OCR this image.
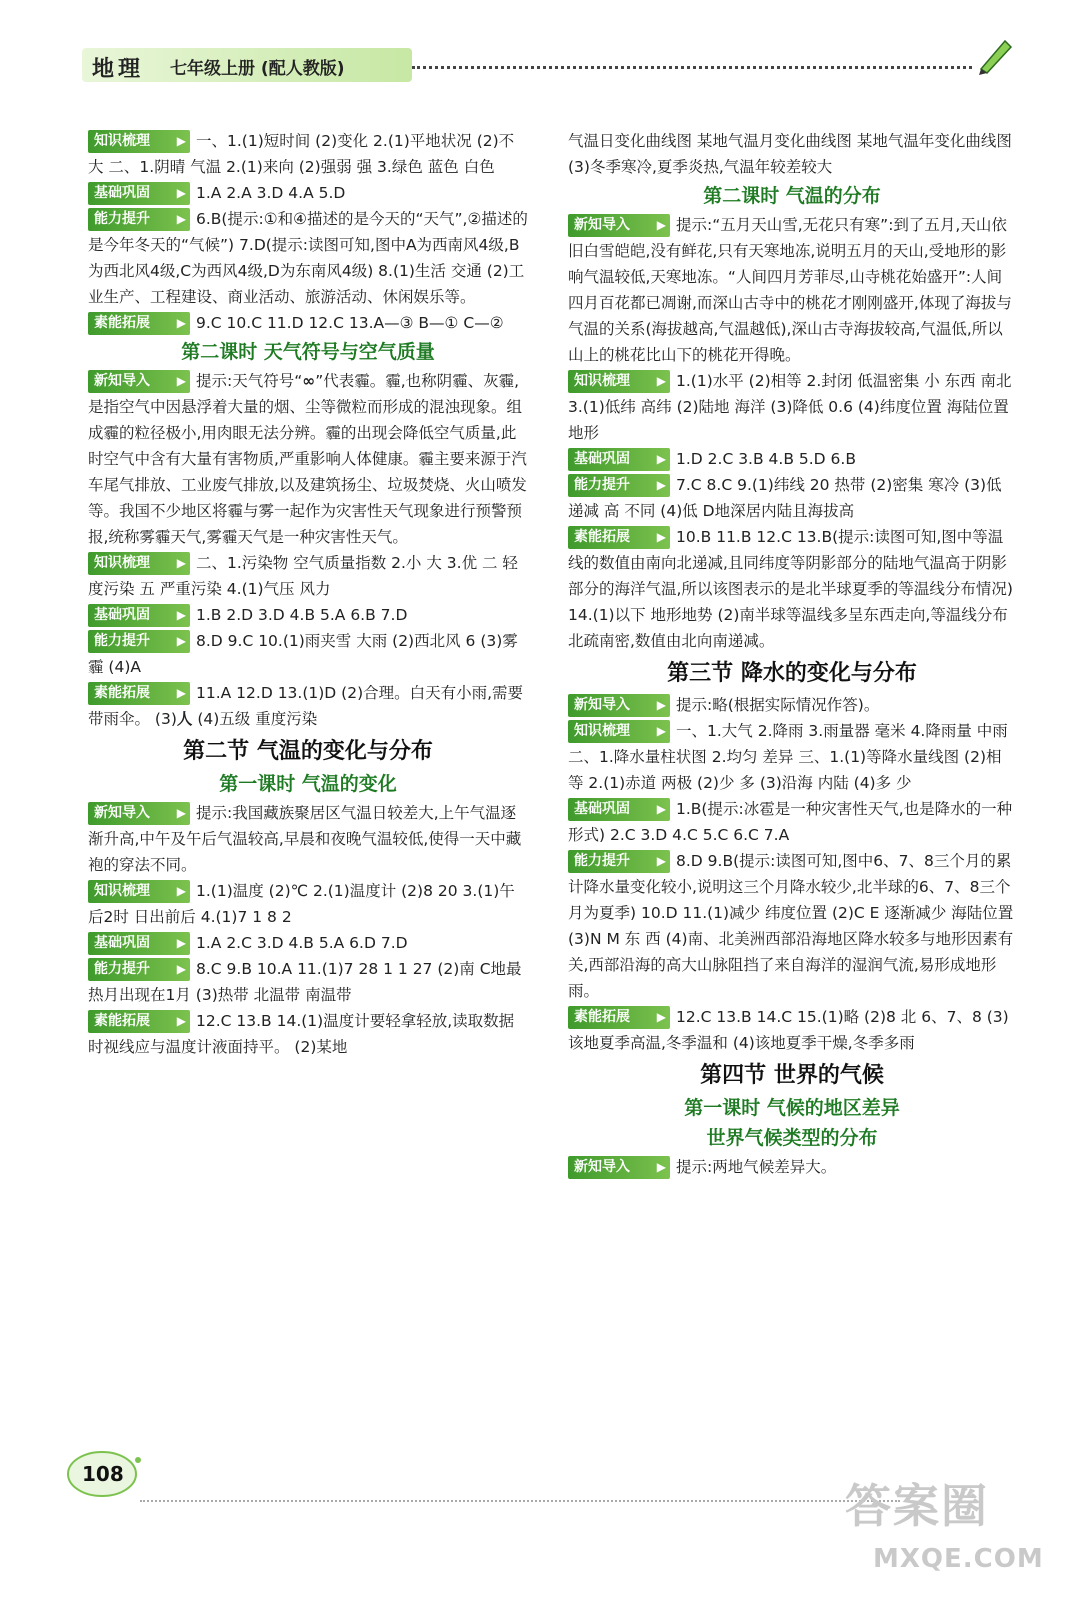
地理 七年级上册 (配人教版)

知识梳理 ▶ 一、1.(1)短时间 (2)变化 2.(1)平地状况 (2)不大 二、1.阴晴 气温 2.(1)来向 (2)强弱 强 3.绿色 蓝色 白色

基础巩固 ▶ 1.A 2.A 3.D 4.A 5.D

能力提升 ▶ 6.B(提示:①和④描述的是今天的“天气”,②描述的是今年冬天的“气候”) 7.D(提示:读图可知,图中A为西南风4级,B为西北风4级,C为西风4级,D为东南风4级) 8.(1)生活 交通 (2)工业生产、工程建设、商业活动、旅游活动、休闲娱乐等。

素能拓展 ▶ 9.C 10.C 11.D 12.C 13.A—③ B—① C—②

第二课时 天气符号与空气质量

新知导入 ▶ 提示:天气符号“∞”代表霾。霾,也称阴霾、灰霾,是指空气中因悬浮着大量的烟、尘等微粒而形成的混浊现象。组成霾的粒径极小,用肉眼无法分辨。霾的出现会降低空气质量,此时空气中含有大量有害物质,严重影响人体健康。霾主要来源于汽车尾气排放、工业废气排放,以及建筑扬尘、垃圾焚烧、火山喷发等。我国不少地区将霾与雾一起作为灾害性天气现象进行预警预报,统称雾霾天气,雾霾天气是一种灾害性天气。

知识梳理 ▶ 二、1.污染物 空气质量指数 2.小 大 3.优 二 轻度污染 五 严重污染 4.(1)气压 风力

基础巩固 ▶ 1.B 2.D 3.D 4.B 5.A 6.B 7.D

能力提升 ▶ 8.D 9.C 10.(1)雨夹雪 大雨 (2)西北风 6 (3)雾霾 (4)A

素能拓展 ▶ 11.A 12.D 13.(1)D (2)合理。白天有小雨,需要带雨伞。 (3)⼈ (4)五级 重度污染

第二节 气温的变化与分布
第一课时 气温的变化

新知导入 ▶ 提示:我国藏族聚居区气温日较差大,上午气温逐渐升高,中午及午后气温较高,早晨和夜晚气温较低,使得一天中藏袍的穿法不同。

知识梳理 ▶ 1.(1)温度 (2)℃ 2.(1)温度计 (2)8 20 3.(1)午后2时 日出前后 4.(1)7 1 8 2

基础巩固 ▶ 1.A 2.C 3.D 4.B 5.A 6.D 7.D

能力提升 ▶ 8.C 9.B 10.A 11.(1)7 28 1 1 27 (2)南 C地最热月出现在1月 (3)热带 北温带 南温带

素能拓展 ▶ 12.C 13.B 14.(1)温度计要轻拿轻放,读取数据时视线应与温度计液面持平。 (2)某地

气温日变化曲线图 某地气温月变化曲线图 某地气温年变化曲线图 (3)冬季寒冷,夏季炎热,气温年较差较大

第二课时 气温的分布

新知导入 ▶ 提示:“五月天山雪,无花只有寒”:到了五月,天山依旧白雪皑皑,没有鲜花,只有天寒地冻,说明五月的天山,受地形的影响气温较低,天寒地冻。“人间四月芳菲尽,山寺桃花始盛开”:人间四月百花都已凋谢,而深山古寺中的桃花才刚刚盛开,体现了海拔与气温的关系(海拔越高,气温越低),深山古寺海拔较高,气温低,所以山上的桃花比山下的桃花开得晚。

知识梳理 ▶ 1.(1)水平 (2)相等 2.封闭 低温密集 小 东西 南北 3.(1)低纬 高纬 (2)陆地 海洋 (3)降低 0.6 (4)纬度位置 海陆位置 地形

基础巩固 ▶ 1.D 2.C 3.B 4.B 5.D 6.B

能力提升 ▶ 7.C 8.C 9.(1)纬线 20 热带 (2)密集 寒冷 (3)低 递减 高 不同 (4)低 D地深居内陆且海拔高

素能拓展 ▶ 10.B 11.B 12.C 13.B(提示:读图可知,图中等温线的数值由南向北递减,且同纬度等阴影部分的陆地气温高于阴影部分的海洋气温,所以该图表示的是北半球夏季的等温线分布情况) 14.(1)以下 地形地势 (2)南半球等温线多呈东西走向,等温线分布北疏南密,数值由北向南递减。

第三节 降水的变化与分布

新知导入 ▶ 提示:略(根据实际情况作答)。

知识梳理 ▶ 一、1.大气 2.降雨 3.雨量器 毫米 4.降雨量 中雨 二、1.降水量柱状图 2.均匀 差异 三、1.(1)等降水量线图 (2)相等 2.(1)赤道 两极 (2)少 多 (3)沿海 内陆 (4)多 少

基础巩固 ▶ 1.B(提示:冰雹是一种灾害性天气,也是降水的一种形式) 2.C 3.D 4.C 5.C 6.C 7.A

能力提升 ▶ 8.D 9.B(提示:读图可知,图中6、7、8三个月的累计降水量变化较小,说明这三个月降水较少,北半球的6、7、8三个月为夏季) 10.D 11.(1)减少 纬度位置 (2)C E 逐渐减少 海陆位置 (3)N M 东 西 (4)南、北美洲西部沿海地区降水较多与地形因素有关,西部沿海的高大山脉阻挡了来自海洋的湿润气流,易形成地形雨。

素能拓展 ▶ 12.C 13.B 14.C 15.(1)略 (2)8 北 6、7、8 (3)该地夏季高温,冬季温和 (4)该地夏季干燥,冬季多雨

第四节 世界的气候
第一课时 气候的地区差异
世界气候类型的分布

新知导入 ▶ 提示:两地气候差异大。

108
答案圈
MXQE.COM
